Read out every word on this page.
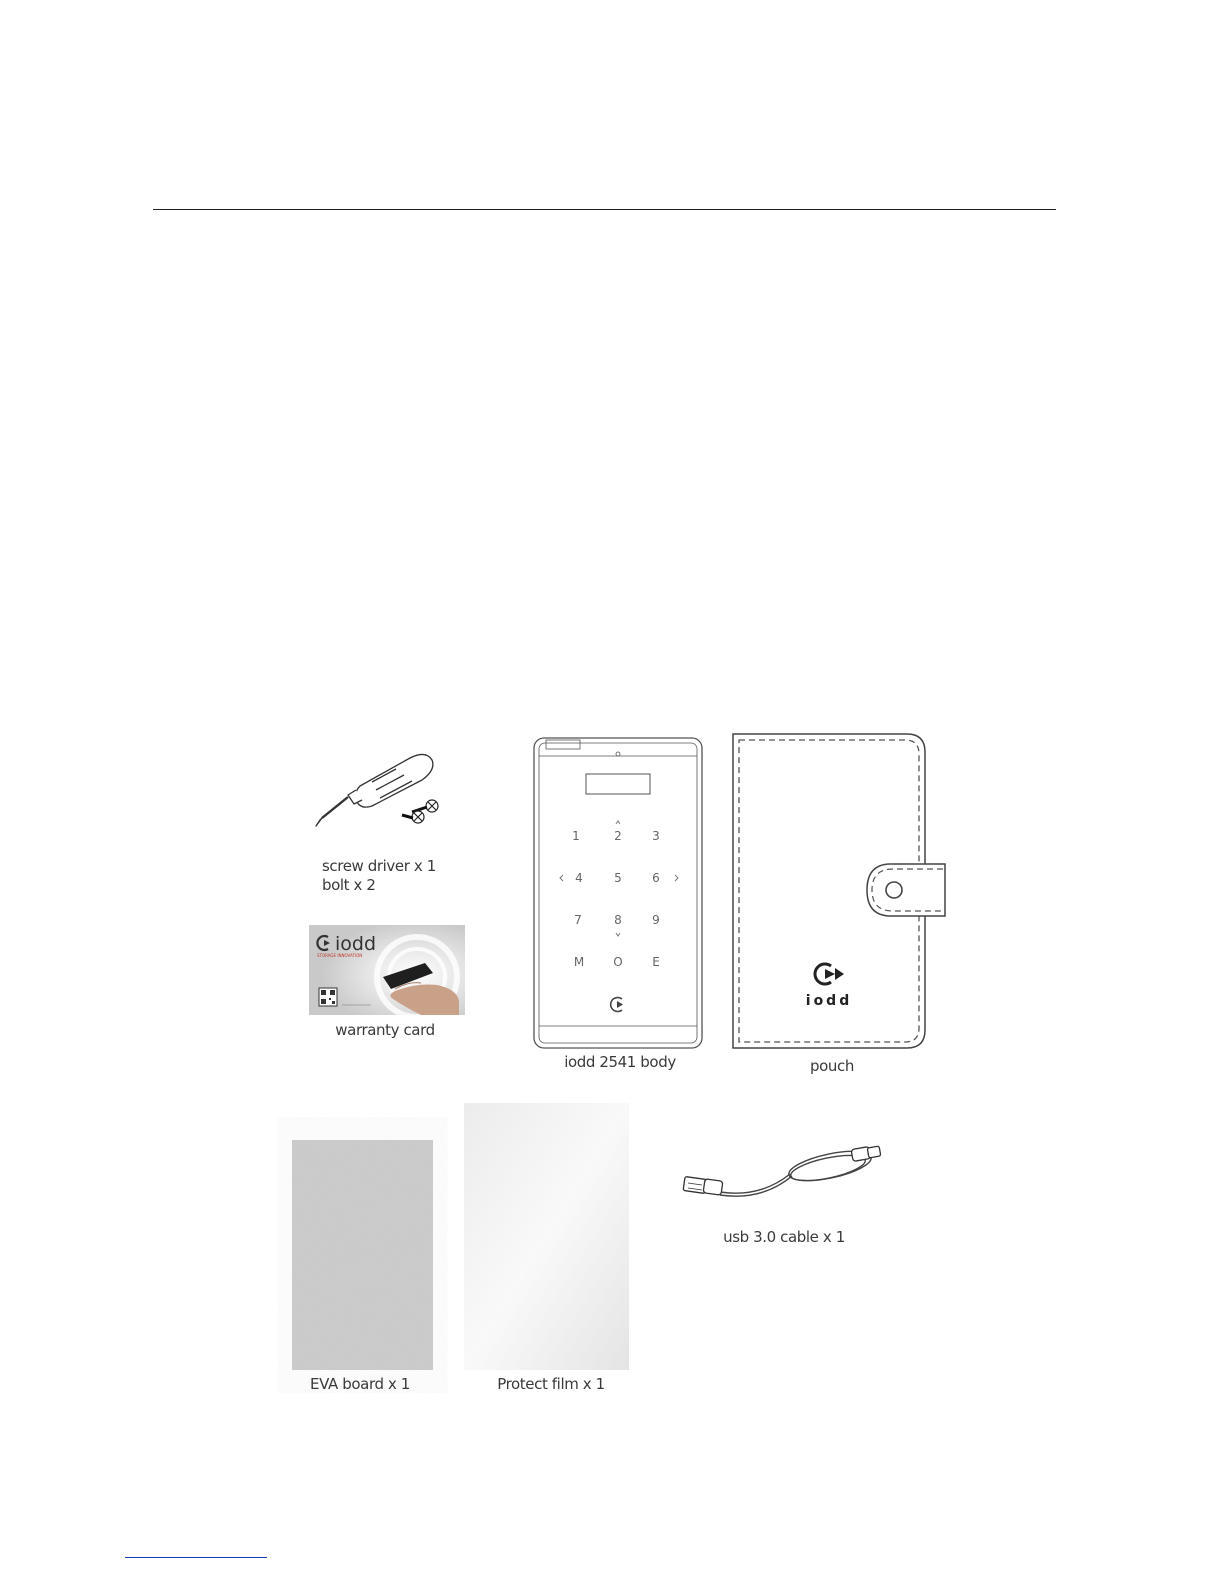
screw driver x 1
bolt x 2
iodd
STORAGE INNOVATION
warranty card
1	2	3
4	5	6
7	8	9
M O E
iodd 2541 body
iodd
pouch
EVA board x 1	Protect film x 1
usb 3.0 cable x 1
